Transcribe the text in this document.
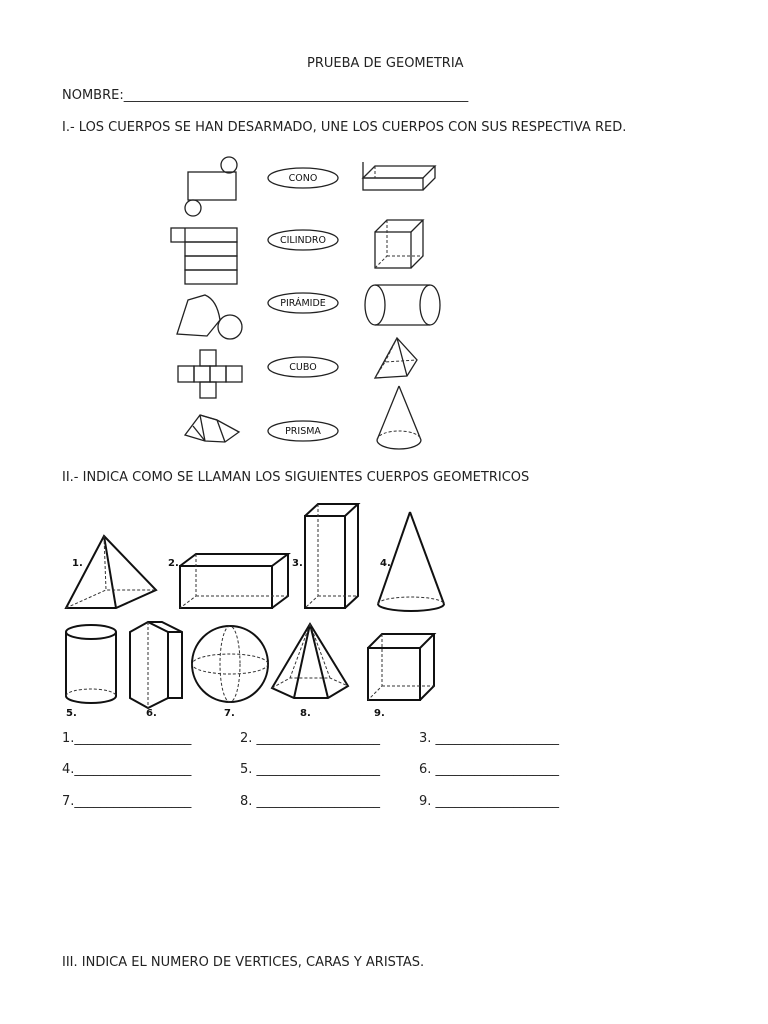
PRUEBA DE GEOMETRIA
NOMBRE:_____________________________________________________
I.- LOS CUERPOS SE HAN DESARMADO, UNE LOS CUERPOS CON SUS RESPECTIVA RED.
CONO
CILINDRO
PIRÁMIDE
CUBO
PRISMA
II.- INDICA COMO SE LLAMAN LOS SIGUIENTES CUERPOS GEOMETRICOS
1.	2.	3.	4.
5.	6.	7.	8.	9.
1.__________________	2. ___________________	3. ___________________
4.__________________	5. ___________________	6. ___________________
7.__________________	8. ___________________	9. ___________________
III. INDICA EL NUMERO DE VERTICES, CARAS Y ARISTAS.
